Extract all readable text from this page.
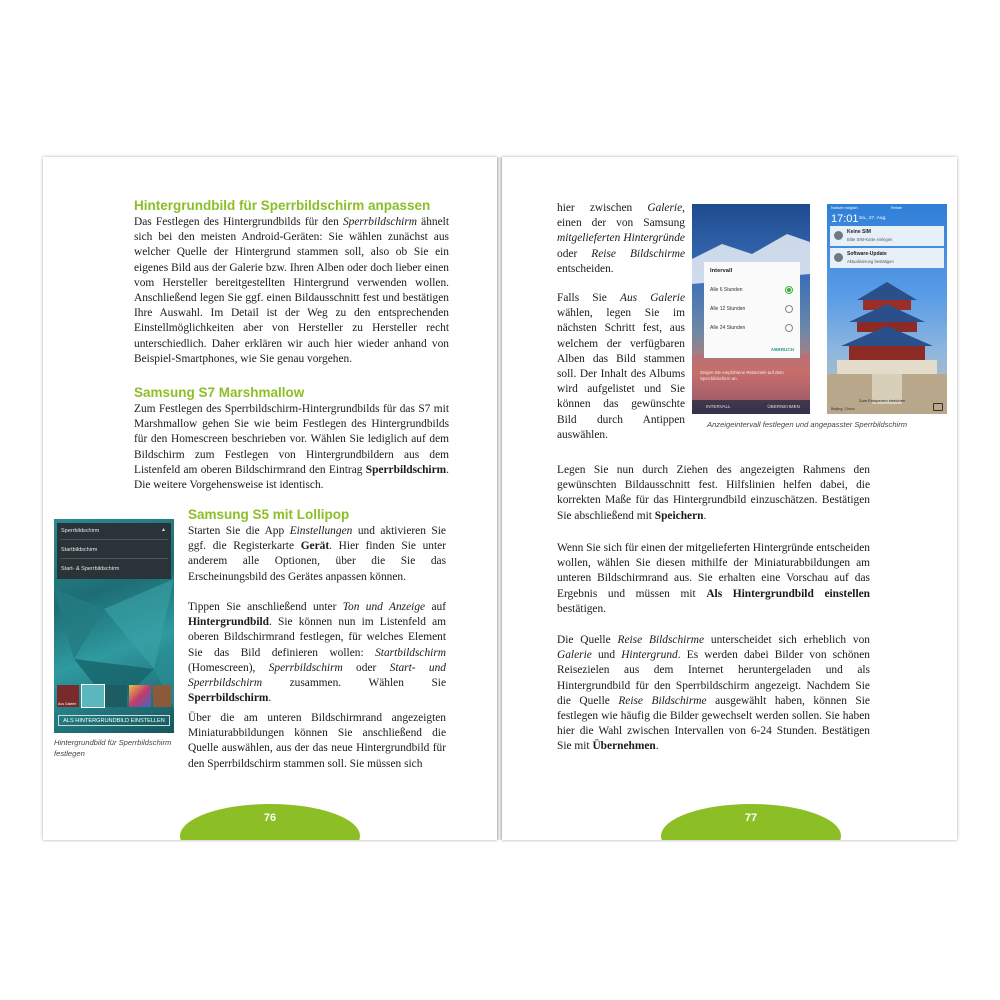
Hintergrundbild für Sperrbildschirm anpassen

Das Festlegen des Hintergrundbilds für den Sperrbildschirm ähnelt sich bei den meisten Android-Geräten: Sie wählen zunächst aus welcher Quelle der Hintergrund stammen soll, also ob Sie ein eigenes Bild aus der Galerie bzw. Ihren Alben oder doch lieber einen vom Hersteller bereitgestellten Hintergrund verwenden wollen. Anschließend legen Sie ggf. einen Bildausschnitt fest und bestätigen Ihre Auswahl. Im Detail ist der Weg zu den entsprechenden Einstellmöglichkeiten aber von Hersteller zu Hersteller recht unterschiedlich. Daher erklären wir auch hier wieder anhand von Beispiel-Smartphones, wie Sie genau vorgehen.

Samsung S7 Marshmallow

Zum Festlegen des Sperrbildschirm-Hintergrundbilds für das S7 mit Marshmallow gehen Sie wie beim Festlegen des Hintergrundbilds für den Homescreen beschrieben vor. Wählen Sie lediglich auf dem Bildschirm zum Festlegen von Hintergrundbildern aus dem Listenfeld am oberen Bildschirmrand den Eintrag Sperrbildschirm. Die weitere Vorgehensweise ist identisch.

Samsung S5 mit Lollipop

Starten Sie die App Einstellungen und aktivieren Sie ggf. die Registerkarte Gerät. Hier finden Sie unter anderem alle Optionen, über die Sie das Erscheinungsbild des Gerätes anpassen können.

Tippen Sie anschließend unter Ton und Anzeige auf Hintergrundbild. Sie können nun im Listenfeld am oberen Bildschirmrand festlegen, für welches Element Sie das Bild definieren wollen: Startbildschirm (Homescreen), Sperrbildschirm oder Start- und Sperrbildschirm zusammen. Wählen Sie Sperrbildschirm.

Über die am unteren Bildschirmrand angezeigten Miniaturabbildungen können Sie anschließend die Quelle auswählen, aus der das neue Hintergrundbild für den Sperrbildschirm stammen soll. Sie müssen sich

Sperrbildschirm	▴
Startbildschirm
Start- & Sperrbildschirm
Aus Galerie
ALS HINTERGRUNDBILD EINSTELLEN

Hintergrundbild für Sperrbildschirm festlegen

76

hier zwischen Galerie, einen der von Samsung mitgelieferten Hintergründe oder Reise Bildschirme entscheiden.

Falls Sie Aus Galerie wählen, legen Sie im nächsten Schritt fest, aus welchem der verfügbaren Alben das Bild stammen soll. Der Inhalt des Albums wird aufgelistet und Sie können das gewünschte Bild durch Antippen auswählen.

Intervall
Alle 6 Stunden
Alle 12 Stunden
Alle 24 Stunden
ABBRUCH
Zeigen Sie empfohlene Reiseziele auf dem Sperrbildschirm an.
INTERVALL	ÜBERNEHMEN
Notrufe möglich	Reiste
17:01 Sa., 27. Aug.
Keine SIM
Bitte SIM-Karte einlegen
Software-Update
Aktualisierung bestätigen
Beijing, China
Zum Entsperren streichen

Anzeigeintervall festlegen und angepasster Sperrbildschirm

Legen Sie nun durch Ziehen des angezeigten Rahmens den gewünschten Bildausschnitt fest. Hilfslinien helfen dabei, die korrekten Maße für das Hintergrundbild einzuschätzen. Bestätigen Sie abschließend mit Speichern.

Wenn Sie sich für einen der mitgelieferten Hintergründe entscheiden wollen, wählen Sie diesen mithilfe der Miniaturabbildungen am unteren Bildschirmrand aus. Sie erhalten eine Vorschau auf das Ergebnis und müssen mit Als Hintergrundbild einstellen bestätigen.

Die Quelle Reise Bildschirme unterscheidet sich erheblich von Galerie und Hintergrund. Es werden dabei Bilder von schönen Reisezielen aus dem Internet heruntergeladen und als Hintergrundbild für den Sperrbildschirm angezeigt. Nachdem Sie die Quelle Reise Bildschirme ausgewählt haben, können Sie festlegen wie häufig die Bilder gewechselt werden sollen. Sie haben hier die Wahl zwischen Intervallen von 6-24 Stunden. Bestätigen Sie mit Übernehmen.

77
